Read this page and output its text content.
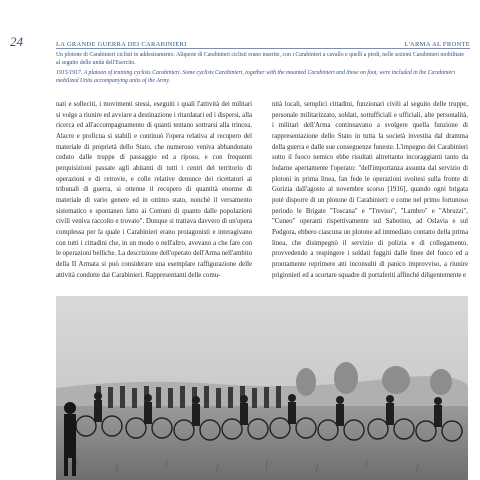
24	LA GRANDE GUERRA DEI CARABINIERI	L'ARMA AL FRONTE
Un plotone di Carabinieri ciclisti in addestramento. Aliquote di Carabinieri ciclisti erano inserite, con i Carabinieri a cavallo e quelli a piedi, nelle sezioni Carabinieri mobilitate al seguito delle unità dell'Esercito.
1915/1917. A platoon of training cyclists Carabinieri. Some cyclists Carabinieri, together with the mounted Carabinieri and those on foot, were included in the Carabinieri mobilized Units accompanying units of the Army.
nati e solleciti, i movimenti stessi, eseguiti i quali l'attività dei militari si volge a riunire ed avviare a destinazione i ritardatari ed i dispersi, alla ricerca ed all'accompagnamento di quanti tentano sottrarsi alla trincea. Alacre e proficua si stabilì e continuò l'opera relativa al recupero del materiale di proprietà dello Stato, che numeroso veniva abbandonato ceduto dalle truppe di passaggio ed a riposo, e con frequenti perquisizioni passate agli abitanti di tutti i centri del territorio di operazioni e di retrovie, e colle relative denunce dei ricettatori ai tribunali di guerra, si ottenne il recupero di quantità enorme di materiale di vario genere ed in ottimo stato, nonché il versamento sistematico e spontaneo fatto ai Comuni di quanto dalle popolazioni civili veniva raccolto e trovato". Dunque si trattava davvero di un'opera complessa per la quale i Carabinieri erano protagonisti e interagivano con tutti i cittadini che, in un modo o nell'altro, avevano a che fare con le operazioni belliche. La descrizione dell'operato dell'Arma nell'ambito della II Armata si può considerare una esemplare raffigurazione delle attività condotte dai Carabinieri. Rappresentanti delle comu-
nità locali, semplici cittadini, funzionari civili al seguito delle truppe, personale militarizzato, soldati, sottufficiali e ufficiali, alte personalità, i militari dell'Arma continuavano a svolgere quella funzione di rappresentazione dello Stato in tutta la società investita dal dramma della guerra e dalle sue conseguenze funeste. L'impegno dei Carabinieri sotto il fuoco nemico ebbe risultati altrettanto incoraggianti tanto da lodarne apertamente l'operato: "dell'importanza assunta dal servizio di plotoni in prima linea, fan fede le operazioni svoltesi sulla fronte di Gorizia dall'agosto al novembre scorso [1916], quando ogni brigata poté disporre di un plotone di Carabinieri: e come nel primo fortunoso periodo le Brigate "Toscana" e "Treviso", "Lambro" e "Abruzzi", "Cuneo" operanti rispettivamente sul Sabotino, ad Oslavia e sul Podgora, ebbero ciascuna un plotone ad immediato contatto della prima linea, che disimpegnò il servizio di polizia e di collegamento, provvedendo a respingere i soldati fuggiti dalle linee del fuoco ed a prontamente reprimere atti inconsulti di panico improvviso, a riunire prigionieri ed a scortare squadre di portaferiti affinché diligentemente e
